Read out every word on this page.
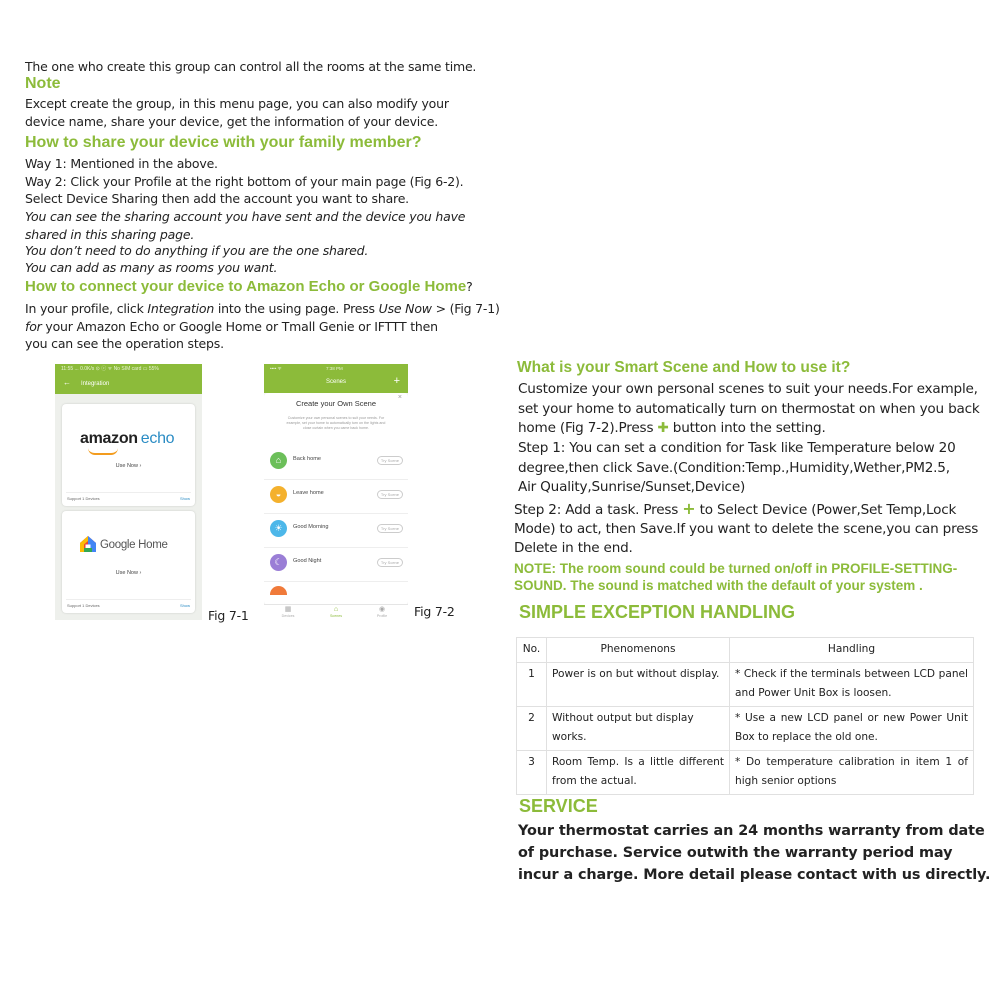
The one who create this group can control all the rooms at the same time.
Note
Except create the group, in this menu page, you can also modify your
device name, share your device, get the information of your device.
How to share your device with your family member?
Way 1: Mentioned in the above.
Way 2: Click your Profile at the right bottom of your main page (Fig 6-2).
Select Device Sharing then add the account you want to share.
You can see the sharing account you have sent and the device you have
shared in this sharing page.
You don’t need to do anything if you are the one shared.
You can add as many as rooms you want.
How to connect your device to Amazon Echo or Google Home?
In your profile, click Integration into the using page. Press Use Now > (Fig 7-1)
for your Amazon Echo or Google Home or Tmall Genie or IFTTT then
you can see the operation steps.
11:55 ... 0.0K/s ⊙ ⓒ ᯤ No SIM card ▭ 55%
← Integration
amazon echo
Use Now ›
Support 1 Devices	Show
Google Home
Use Now ›
Support 1 Devices	Show
Fig 7-1
•••• ᯤ	7:38 PM
Scenes	+
×
Create your Own Scene
Customize your own personal scenes to suit your needs. For example, set your home to automatically turn on the lights and close curtain when you came back home.
⌂	Back home	Try Scene
◒	Leave home	Try Scene
☀	Good Morning	Try Scene
☾	Good Night	Try Scene
▦
Devices
⌂
Scenes
◉
Profile	Fig 7-2
What is your Smart Scene and How to use it?
Customize your own personal scenes to suit your needs.For example,
set your home to automatically turn on thermostat on when you back
home (Fig 7-2).Press ✚ button into the setting.
Step 1: You can set a condition for Task like Temperature below 20
degree,then click Save.(Condition:Temp.,Humidity,Wether,PM2.5,
Air Quality,Sunrise/Sunset,Device)
Step 2: Add a task. Press + to Select Device (Power,Set Temp,Lock
Mode) to act, then Save.If you want to delete the scene,you can press
Delete in the end.
NOTE: The room sound could be turned on/off in PROFILE-SETTING-
SOUND. The sound is matched with the default of your system .
SIMPLE EXCEPTION HANDLING
No.	Phenomenons	Handling
1	Power is on but without display.	* Check if the terminals between LCD panel and Power Unit Box is loosen.
2	Without output but display works.	* Use a new LCD panel or new Power Unit Box to replace the old one.
3	Room Temp. Is a little different from the actual.	* Do temperature calibration in item 1 of high senior options
SERVICE
Your thermostat carries an 24 months warranty from date
of purchase. Service outwith the warranty period may
incur a charge. More detail please contact with us directly.
